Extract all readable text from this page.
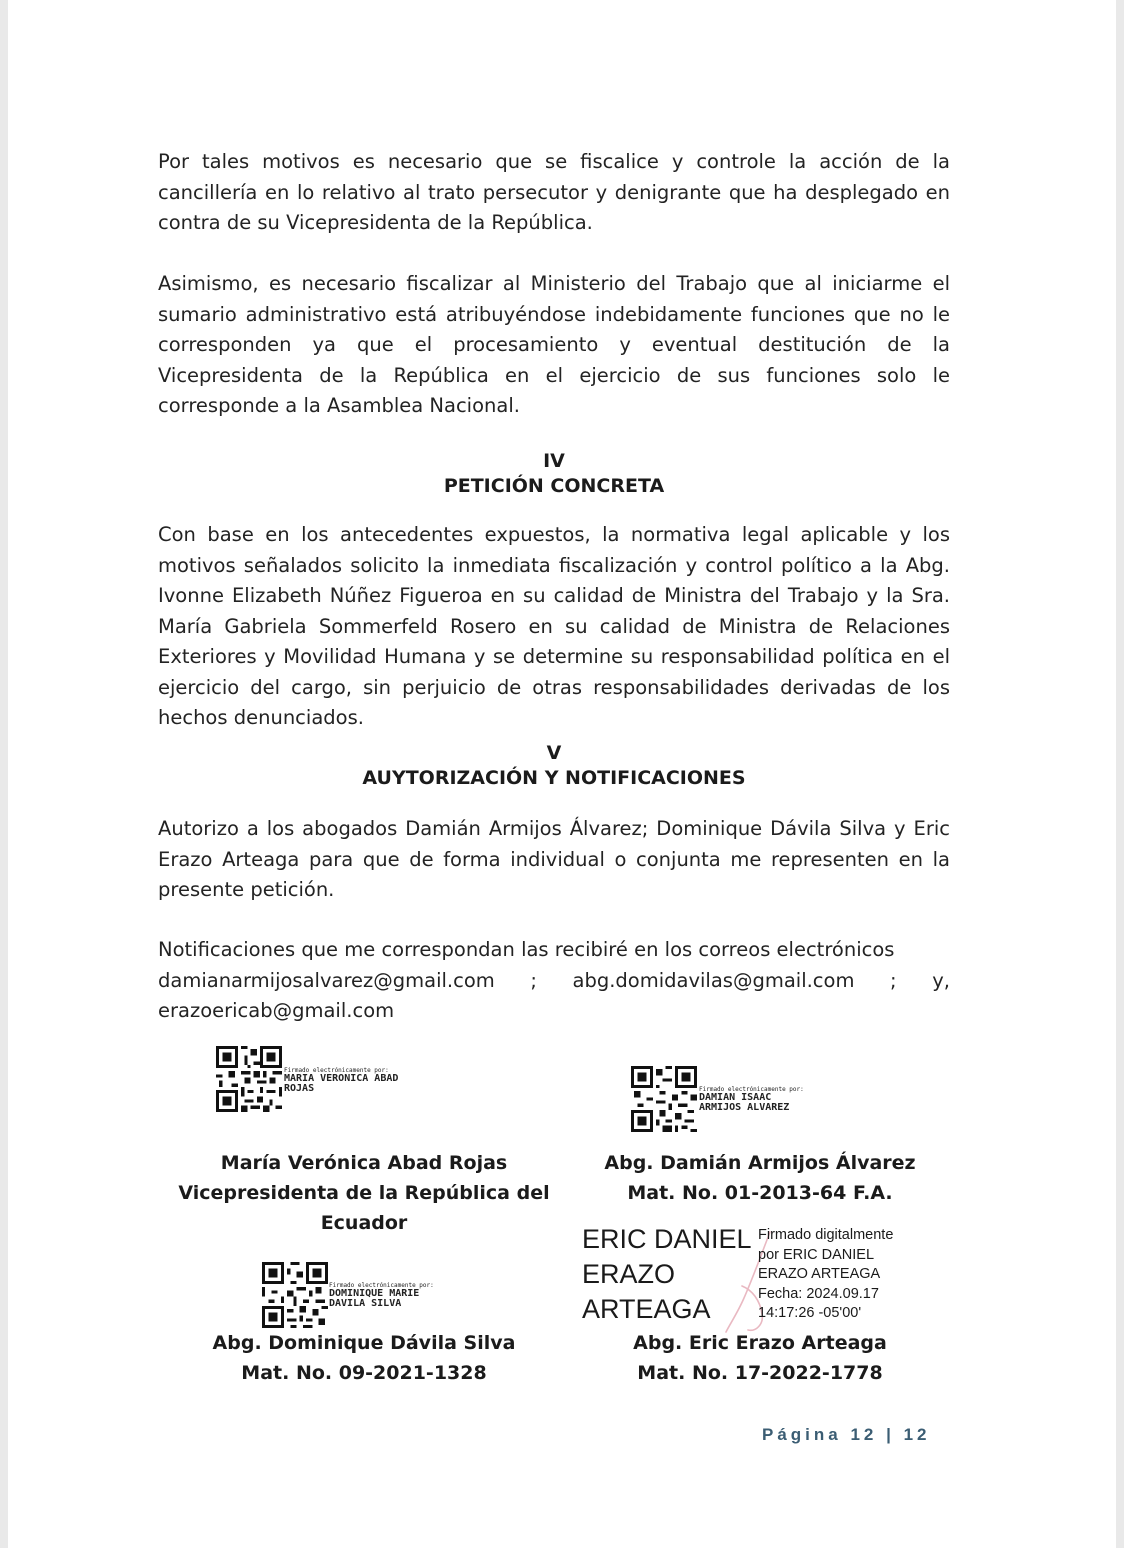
Por tales motivos es necesario que se fiscalice y controle la acción de la cancillería en lo relativo al trato persecutor y denigrante que ha desplegado en contra de su Vicepresidenta de la República.

Asimismo, es necesario fiscalizar al Ministerio del Trabajo que al iniciarme el sumario administrativo está atribuyéndose indebidamente funciones que no le corresponden ya que el procesamiento y eventual destitución de la Vicepresidenta de la República en el ejercicio de sus funciones solo le corresponde a la Asamblea Nacional.

IV
PETICIÓN CONCRETA

Con base en los antecedentes expuestos, la normativa legal aplicable y los motivos señalados solicito la inmediata fiscalización y control político a la Abg. Ivonne Elizabeth Núñez Figueroa en su calidad de Ministra del Trabajo y la Sra. María Gabriela Sommerfeld Rosero en su calidad de Ministra de Relaciones Exteriores y Movilidad Humana y se determine su responsabilidad política en el ejercicio del cargo, sin perjuicio de otras responsabilidades derivadas de los hechos denunciados.

V
AUYTORIZACIÓN Y NOTIFICACIONES

Autorizo a los abogados Damián Armijos Álvarez; Dominique Dávila Silva y Eric Erazo Arteaga para que de forma individual o conjunta me representen en la presente petición.

Notificaciones que me correspondan las recibiré en los correos electrónicos

damianarmijosalvarez@gmail.com ; abg.domidavilas@gmail.com ; y,
erazoericab@gmail.com
Firmado electrónicamente por:
MARIA VERONICA ABAD
ROJAS	Firmado electrónicamente por:
DAMIAN ISAAC
ARMIJOS ALVAREZ
María Verónica Abad Rojas
Vicepresidenta de la República del
Ecuador
Abg. Damián Armijos Álvarez
Mat. No. 01-2013-64 F.A.
Firmado electrónicamente por:
DOMINIQUE MARIE
DAVILA SILVA
ERIC DANIEL
ERAZO
ARTEAGA
Firmado digitalmente
por ERIC DANIEL
ERAZO ARTEAGA
Fecha: 2024.09.17
14:17:26 -05'00'
Abg. Dominique Dávila Silva
Mat. No. 09-2021-1328
Abg. Eric Erazo Arteaga
Mat. No. 17-2022-1778
Página 12 | 12
